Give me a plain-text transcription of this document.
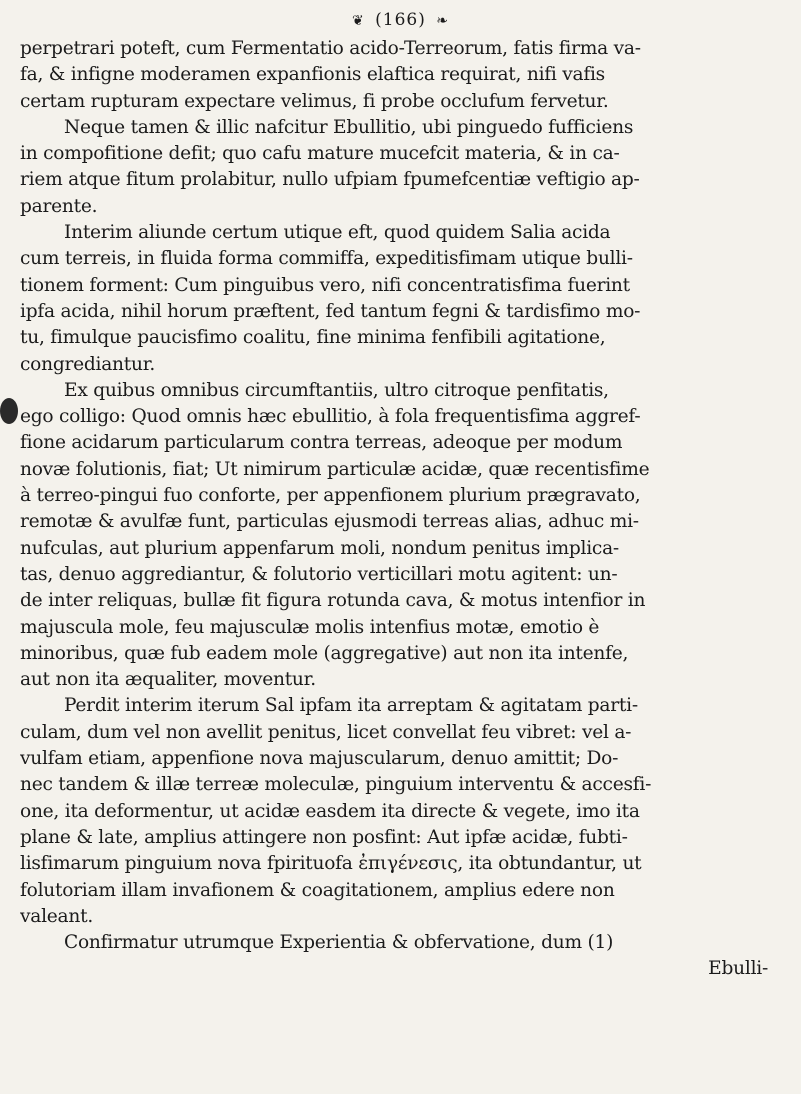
❦ (166) ❧
perpetrari poteft, cum Fermentatio acido-Terreorum, fatis firma va-
fa, & infigne moderamen expanfionis elaftica requirat, nifi vafis
certam rupturam expectare velimus, fi probe occlufum fervetur.
Neque tamen & illic nafcitur Ebullitio, ubi pinguedo fufficiens
in compofitione defit; quo cafu mature mucefcit materia, & in ca-
riem atque fitum prolabitur, nullo ufpiam fpumefcentiæ veftigio ap-
parente.
Interim aliunde certum utique eft, quod quidem Salia acida
cum terreis, in fluida forma commiffa, expeditisfimam utique bulli-
tionem forment: Cum pinguibus vero, nifi concentratisfima fuerint
ipfa acida, nihil horum præftent, fed tantum fegni & tardisfimo mo-
tu, fimulque paucisfimo coalitu, fine minima fenfibili agitatione,
congrediantur.
Ex quibus omnibus circumftantiis, ultro citroque penfitatis,
ego colligo: Quod omnis hæc ebullitio, à fola frequentisfima aggref-
fione acidarum particularum contra terreas, adeoque per modum
novæ folutionis, fiat; Ut nimirum particulæ acidæ, quæ recentisfime
à terreo-pingui fuo conforte, per appenfionem plurium prægravato,
remotæ & avulfæ funt, particulas ejusmodi terreas alias, adhuc mi-
nufculas, aut plurium appenfarum moli, nondum penitus implica-
tas, denuo aggrediantur, & folutorio verticillari motu agitent: un-
de inter reliquas, bullæ fit figura rotunda cava, & motus intenfior in
majuscula mole, feu majusculæ molis intenfius motæ, emotio è
minoribus, quæ fub eadem mole (aggregative) aut non ita intenfe,
aut non ita æqualiter, moventur.
Perdit interim iterum Sal ipfam ita arreptam & agitatam parti-
culam, dum vel non avellit penitus, licet convellat feu vibret: vel a-
vulfam etiam, appenfione nova majuscularum, denuo amittit; Do-
nec tandem & illæ terreæ moleculæ, pinguium interventu & accesfi-
one, ita deformentur, ut acidæ easdem ita directe & vegete, imo ita
plane & late, amplius attingere non posfint: Aut ipfæ acidæ, fubti-
lisfimarum pinguium nova fpirituofa ἐπιγένεσις, ita obtundantur, ut
folutoriam illam invafionem & coagitationem, amplius edere non
valeant.
Confirmatur utrumque Experientia & obfervatione, dum (1)
Ebulli-
